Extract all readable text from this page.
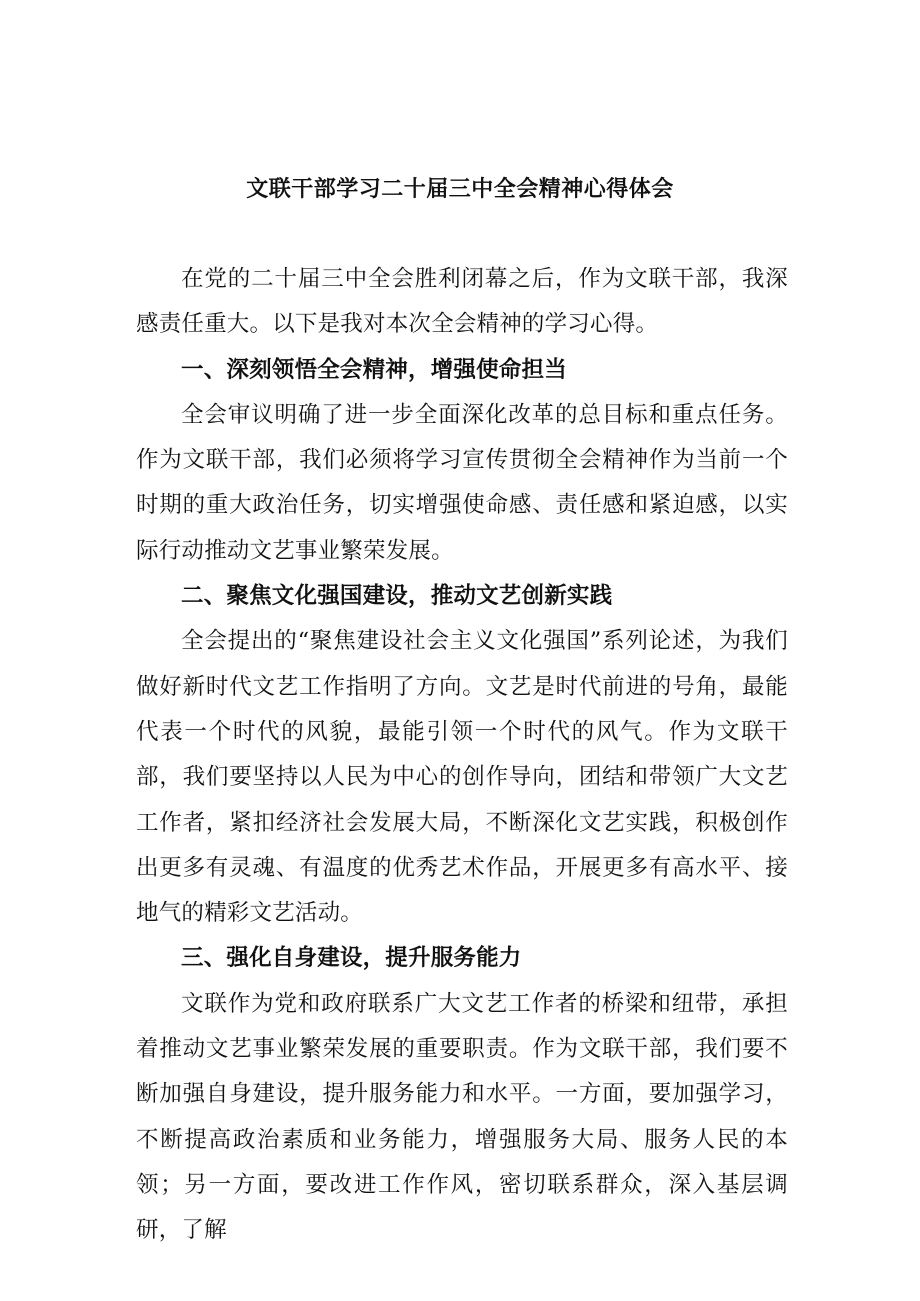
文联干部学习二十届三中全会精神心得体会

在党的二十届三中全会胜利闭幕之后，作为文联干部，我深感责任重大。以下是我对本次全会精神的学习心得。

一、深刻领悟全会精神，增强使命担当

全会审议明确了进一步全面深化改革的总目标和重点任务。作为文联干部，我们必须将学习宣传贯彻全会精神作为当前一个时期的重大政治任务，切实增强使命感、责任感和紧迫感，以实际行动推动文艺事业繁荣发展。

二、聚焦文化强国建设，推动文艺创新实践

全会提出的“聚焦建设社会主义文化强国”系列论述，为我们做好新时代文艺工作指明了方向。文艺是时代前进的号角，最能代表一个时代的风貌，最能引领一个时代的风气。作为文联干部，我们要坚持以人民为中心的创作导向，团结和带领广大文艺工作者，紧扣经济社会发展大局，不断深化文艺实践，积极创作出更多有灵魂、有温度的优秀艺术作品，开展更多有高水平、接地气的精彩文艺活动。

三、强化自身建设，提升服务能力

文联作为党和政府联系广大文艺工作者的桥梁和纽带，承担着推动文艺事业繁荣发展的重要职责。作为文联干部，我们要不断加强自身建设，提升服务能力和水平。一方面，要加强学习，不断提高政治素质和业务能力，增强服务大局、服务人民的本领；另一方面，要改进工作作风，密切联系群众，深入基层调研，了解
